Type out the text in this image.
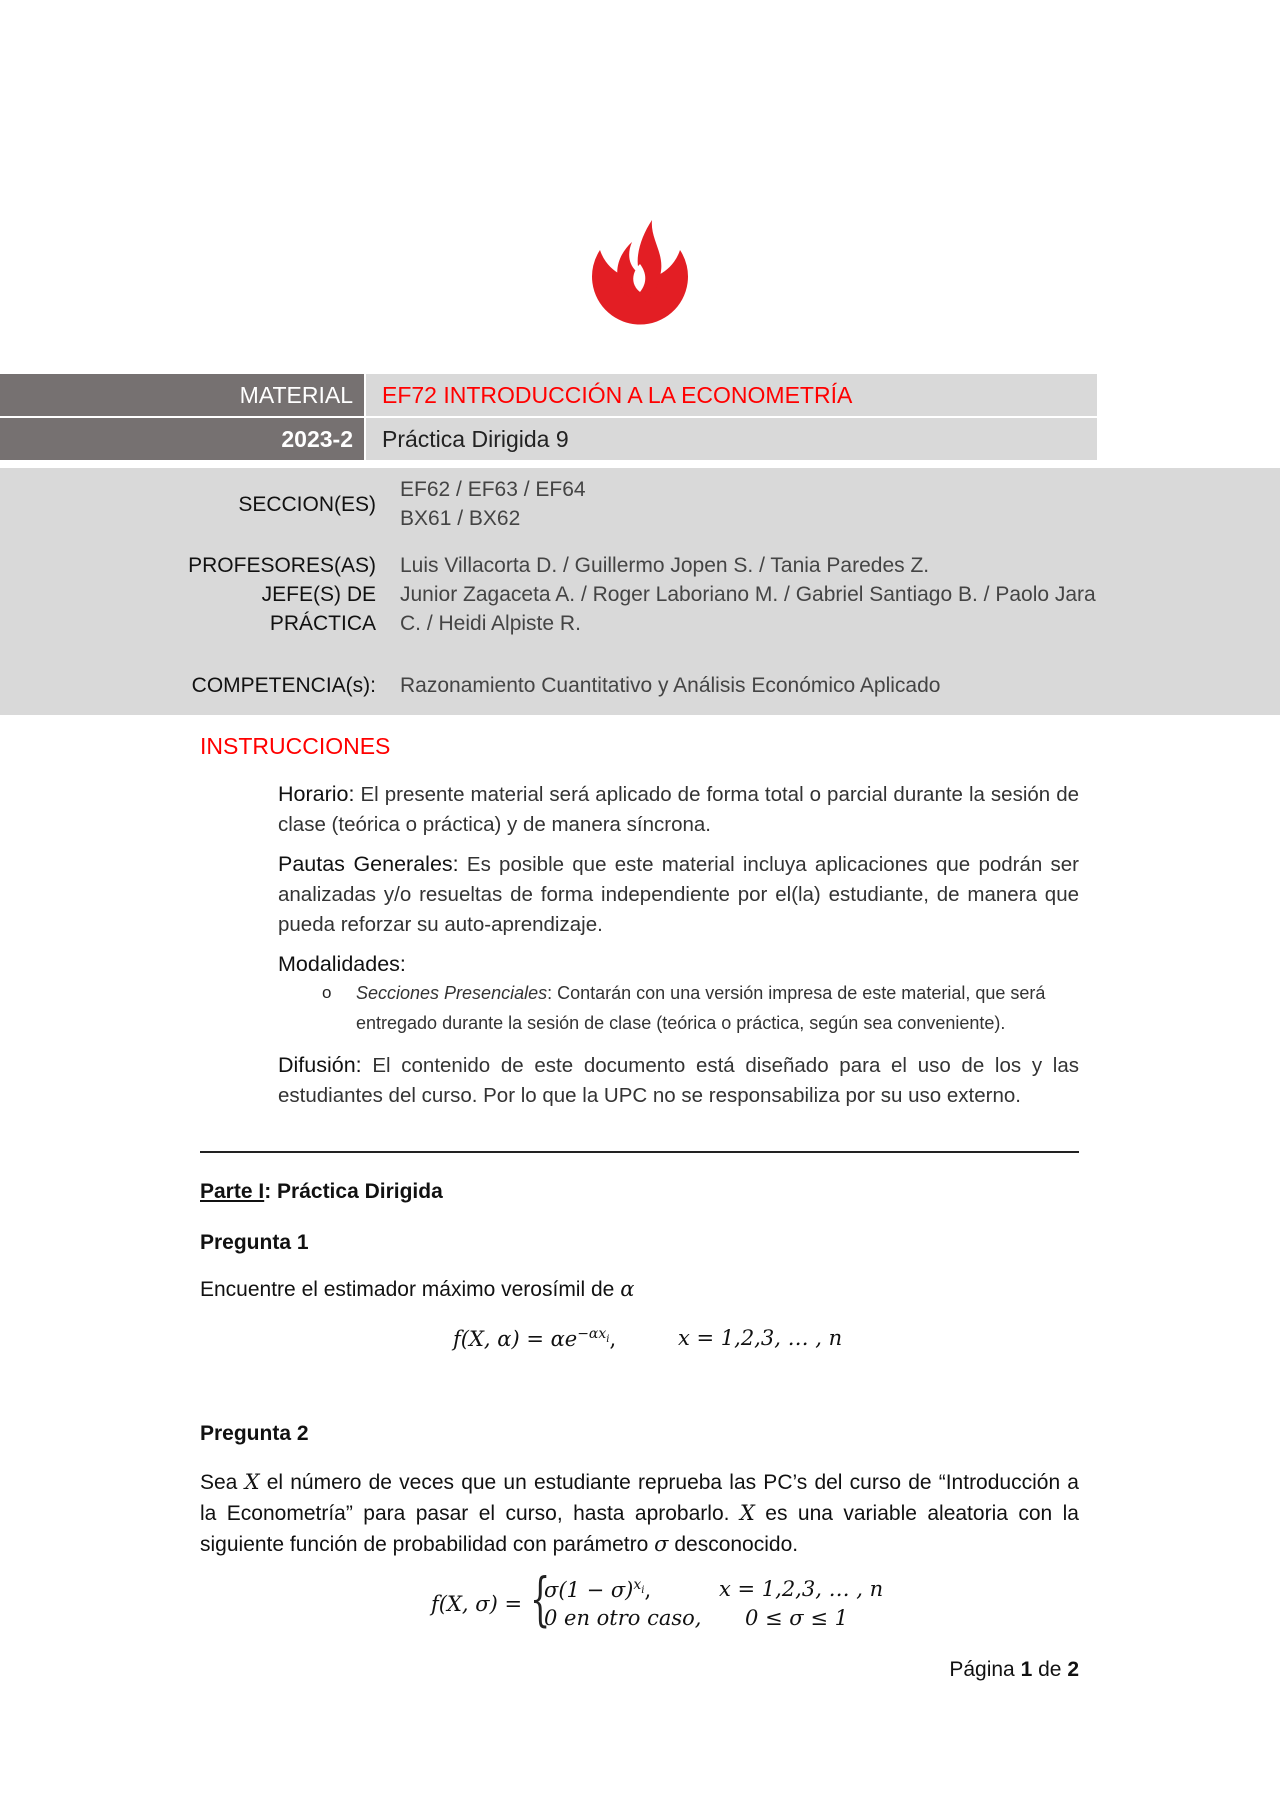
MATERIAL
2023-2
EF72 INTRODUCCIÓN A LA ECONOMETRÍA
Práctica Dirigida 9
SECCION(ES)
EF62 / EF63 / EF64
BX61 / BX62
PROFESORES(AS)
JEFE(S) DE
PRÁCTICA
Luis Villacorta D. / Guillermo Jopen S. / Tania Paredes Z.
Junior Zagaceta A. / Roger Laboriano M. / Gabriel Santiago B. / Paolo Jara
C. / Heidi Alpiste R.
COMPETENCIA(s): Razonamiento Cuantitativo y Análisis Económico Aplicado
INSTRUCCIONES
Horario: El presente material será aplicado de forma total o parcial durante la sesión de clase (teórica o práctica) y de manera síncrona.
Pautas Generales: Es posible que este material incluya aplicaciones que podrán ser analizadas y/o resueltas de forma independiente por el(la) estudiante, de manera que pueda reforzar su auto-aprendizaje.
Modalidades:
o Secciones Presenciales: Contarán con una versión impresa de este material, que será entregado durante la sesión de clase (teórica o práctica, según sea conveniente).
Difusión: El contenido de este documento está diseñado para el uso de los y las estudiantes del curso. Por lo que la UPC no se responsabiliza por su uso externo.
Parte I: Práctica Dirigida
Pregunta 1
Encuentre el estimador máximo verosímil de α
f(X, $\alpha) = \alpha e^{-\alpha x_i}$,	x = 1,2,3, … , n
Pregunta 2
Sea X el número de veces que un estudiante reprueba las PC’s del curso de “Introducción a la Econometría” para pasar el curso, hasta aprobarlo. X es una variable aleatoria con la siguiente función de probabilidad con parámetro σ desconocido.
f(X, σ) = {
$\sigma(1 - \sigma)^{x_i}$,	x = 1,2,3, … , n
0 en otro caso, 0 ≤ σ ≤ 1
Página 1 de 2
